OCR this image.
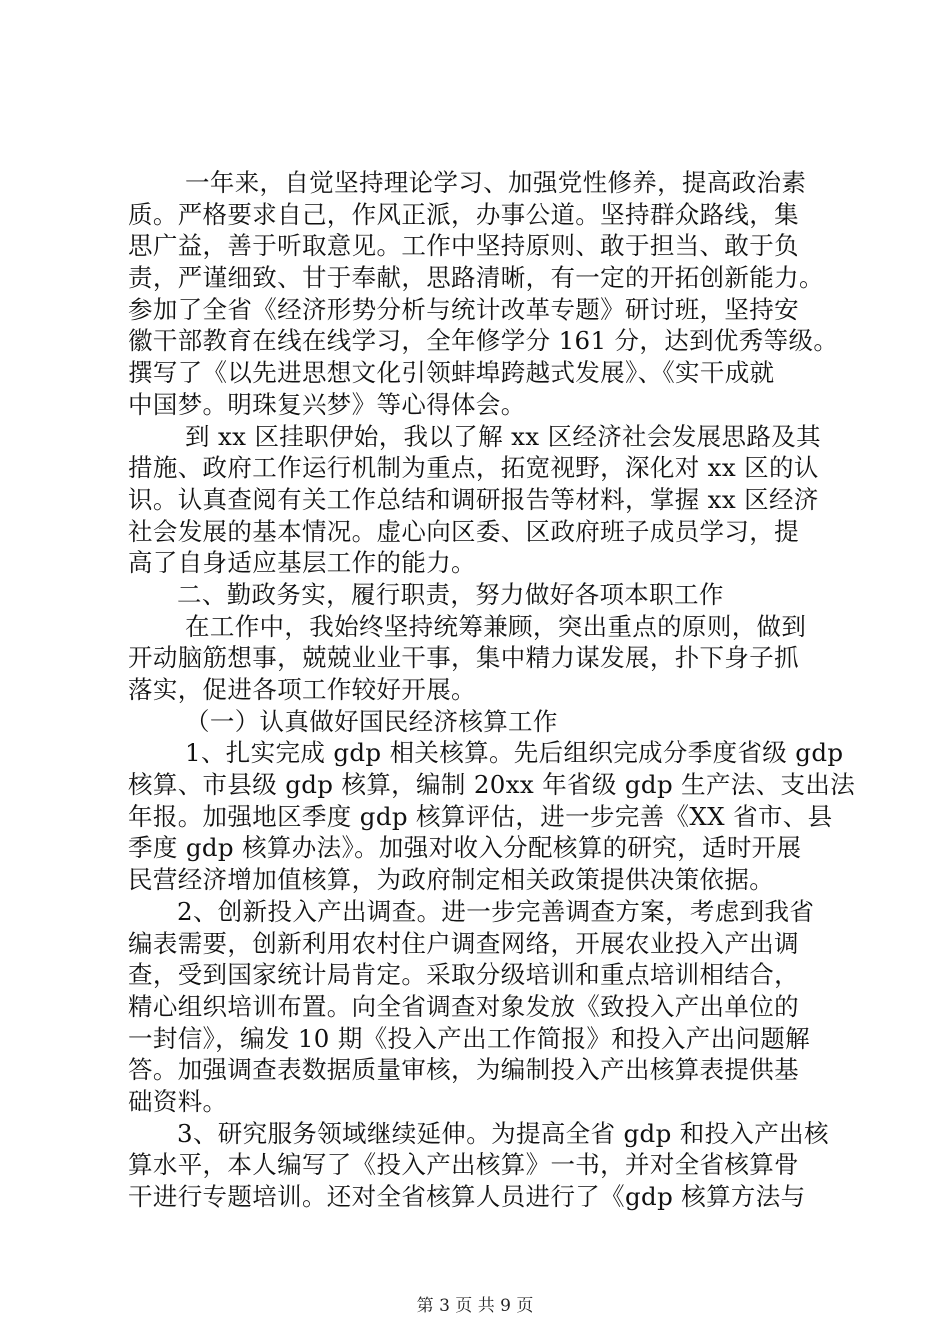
一年来，自觉坚持理论学习、加强党性修养，提高政治素
质。严格要求自己，作风正派，办事公道。坚持群众路线，集
思广益，善于听取意见。工作中坚持原则、敢于担当、敢于负
责，严谨细致、甘于奉献，思路清晰，有一定的开拓创新能力。
参加了全省《经济形势分析与统计改革专题》研讨班，坚持安
徽干部教育在线在线学习，全年修学分 161 分，达到优秀等级。
撰写了《以先进思想文化引领蚌埠跨越式发展》、《实干成就
中国梦。明珠复兴梦》等心得体会。
到 xx 区挂职伊始，我以了解 xx 区经济社会发展思路及其
措施、政府工作运行机制为重点，拓宽视野，深化对 xx 区的认
识。认真查阅有关工作总结和调研报告等材料，掌握 xx 区经济
社会发展的基本情况。虚心向区委、区政府班子成员学习，提
高了自身适应基层工作的能力。
二、勤政务实，履行职责，努力做好各项本职工作
在工作中，我始终坚持统筹兼顾，突出重点的原则，做到
开动脑筋想事，兢兢业业干事，集中精力谋发展，扑下身子抓
落实，促进各项工作较好开展。
（一）认真做好国民经济核算工作
1、扎实完成 gdp 相关核算。先后组织完成分季度省级 gdp
核算、市县级 gdp 核算，编制 20xx 年省级 gdp 生产法、支出法
年报。加强地区季度 gdp 核算评估，进一步完善《XX 省市、县
季度 gdp 核算办法》。加强对收入分配核算的研究，适时开展
民营经济增加值核算，为政府制定相关政策提供决策依据。
2、创新投入产出调查。进一步完善调查方案，考虑到我省
编表需要，创新利用农村住户调查网络，开展农业投入产出调
查，受到国家统计局肯定。采取分级培训和重点培训相结合，
精心组织培训布置。向全省调查对象发放《致投入产出单位的
一封信》，编发 10 期《投入产出工作简报》和投入产出问题解
答。加强调查表数据质量审核，为编制投入产出核算表提供基
础资料。
3、研究服务领域继续延伸。为提高全省 gdp 和投入产出核
算水平，本人编写了《投入产出核算》一书，并对全省核算骨
干进行专题培训。还对全省核算人员进行了《gdp 核算方法与
第 3 页 共 9 页
